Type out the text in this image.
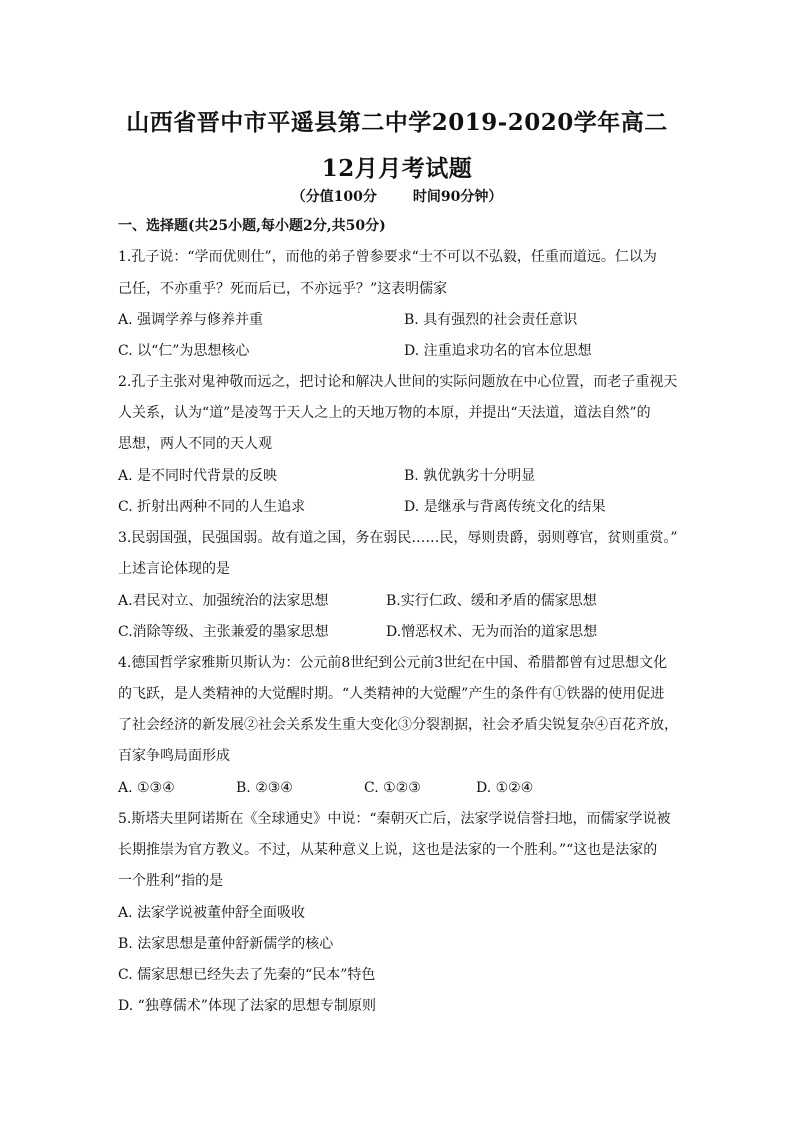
山西省晋中市平遥县第二中学2019-2020学年高二
12月月考试题
（分值100分	时间90分钟）
一、选择题(共25小题,每小题2分,共50分)
1.孔子说：“学而优则仕”，而他的弟子曾参要求“士不可以不弘毅，任重而道远。仁以为
己任，不亦重乎？死而后已，不亦远乎？”这表明儒家
A. 强调学养与修养并重	B. 具有强烈的社会责任意识
C. 以“仁”为思想核心	D. 注重追求功名的官本位思想
2.孔子主张对鬼神敬而远之，把讨论和解决人世间的实际问题放在中心位置，而老子重视天
人关系，认为“道”是凌驾于天人之上的天地万物的本原，并提出“天法道，道法自然”的
思想，两人不同的天人观
A. 是不同时代背景的反映	B. 孰优孰劣十分明显
C. 折射出两种不同的人生追求	D. 是继承与背离传统文化的结果
3.民弱国强，民强国弱。故有道之国，务在弱民……民，辱则贵爵，弱则尊官，贫则重赏。”
上述言论体现的是
A.君民对立、加强统治的法家思想	B.实行仁政、缓和矛盾的儒家思想
C.消除等级、主张兼爱的墨家思想	D.憎恶权术、无为而治的道家思想
4.德国哲学家雅斯贝斯认为：公元前8世纪到公元前3世纪在中国、希腊都曾有过思想文化
的飞跃，是人类精神的大觉醒时期。“人类精神的大觉醒”产生的条件有①铁器的使用促进
了社会经济的新发展②社会关系发生重大变化③分裂割据，社会矛盾尖锐复杂④百花齐放，
百家争鸣局面形成
A. ①③④	B. ②③④	C. ①②③	D. ①②④
5.斯塔夫里阿诺斯在《全球通史》中说：“秦朝灭亡后，法家学说信誉扫地，而儒家学说被
长期推崇为官方教义。不过，从某种意义上说，这也是法家的一个胜利。”“这也是法家的
一个胜利”指的是
A. 法家学说被董仲舒全面吸收
B. 法家思想是董仲舒新儒学的核心
C. 儒家思想已经失去了先秦的“民本”特色
D. “独尊儒术”体现了法家的思想专制原则
